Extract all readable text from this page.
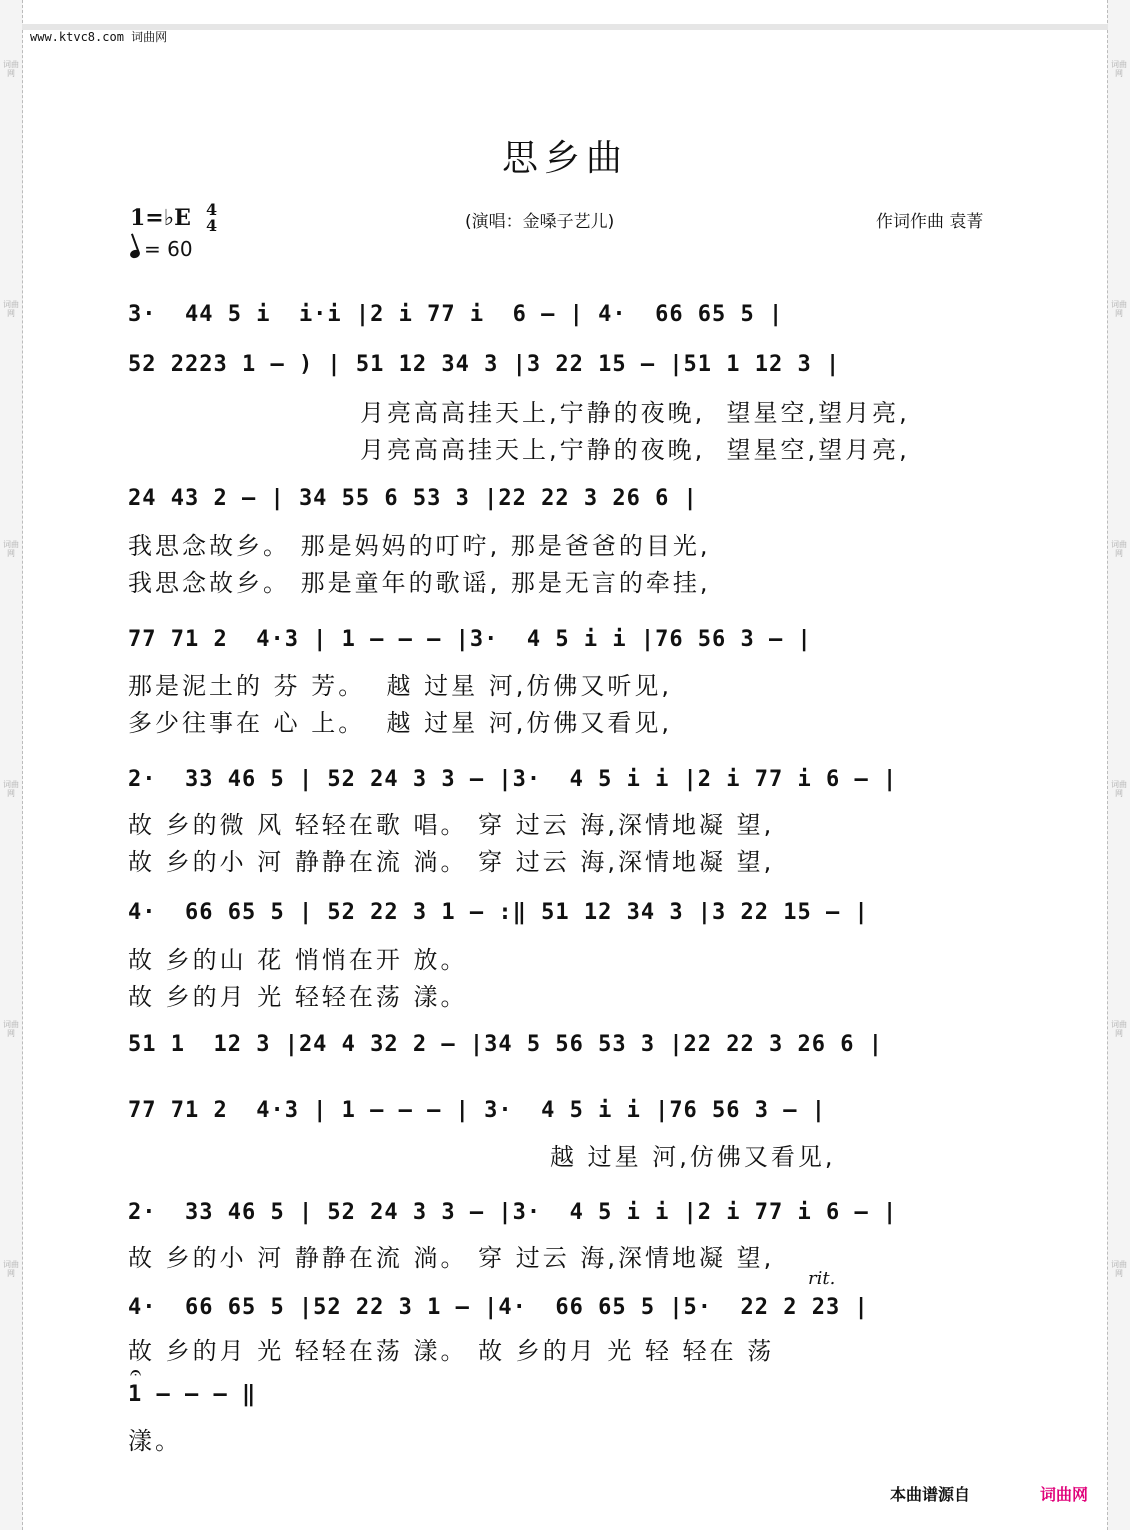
词曲网
词曲网
词曲网
词曲网
词曲网
词曲网
词曲网
词曲网
词曲网
词曲网
词曲网
词曲网
www.ktvc8.com 词曲网
思乡曲
1=♭E 4
4
= 60
(演唱：金嗓子艺儿)	作词作曲 袁菁
3·  44 5 i  i·i |2 i 77 i  6 – | 4·  66 65 5 |
52 2223 1 – ) | 51 12 34 3 |3 22 15 – |51 1 12 3 |
月亮高高挂天上,宁静的夜晚,  望星空,望月亮,
月亮高高挂天上,宁静的夜晚,  望星空,望月亮,
24 43 2 – | 34 55 6 53 3 |22 22 3 26 6 |
我思念故乡。 那是妈妈的叮咛, 那是爸爸的目光,
我思念故乡。 那是童年的歌谣, 那是无言的牵挂,
77 71 2  4·3 | 1 – – – |3·  4 5 i i |76 56 3 – |
那是泥土的 芬 芳。  越 过星 河,仿佛又听见,
多少往事在 心 上。  越 过星 河,仿佛又看见,
2·  33 46 5 | 52 24 3 3 – |3·  4 5 i i |2 i 77 i 6 – |
故 乡的微 风 轻轻在歌 唱。 穿 过云 海,深情地凝 望,
故 乡的小 河 静静在流 淌。 穿 过云 海,深情地凝 望,
4·  66 65 5 | 52 22 3 1 – :‖ 51 12 34 3 |3 22 15 – |
故 乡的山 花 悄悄在开 放。
故 乡的月 光 轻轻在荡 漾。
51 1  12 3 |24 4 32 2 – |34 5 56 53 3 |22 22 3 26 6 |
77 71 2  4·3 | 1 – – – | 3·  4 5 i i |76 56 3 – |
越 过星 河,仿佛又看见,
2·  33 46 5 | 52 24 3 3 – |3·  4 5 i i |2 i 77 i 6 – |
故 乡的小 河 静静在流 淌。 穿 过云 海,深情地凝 望,
rit.
4·  66 65 5 |52 22 3 1 – |4·  66 65 5 |5·  22 2 23 |
故 乡的月 光 轻轻在荡 漾。 故 乡的月 光 轻 轻在 荡
𝄐
1 – – – ‖
漾。
本曲谱源自	词曲网
